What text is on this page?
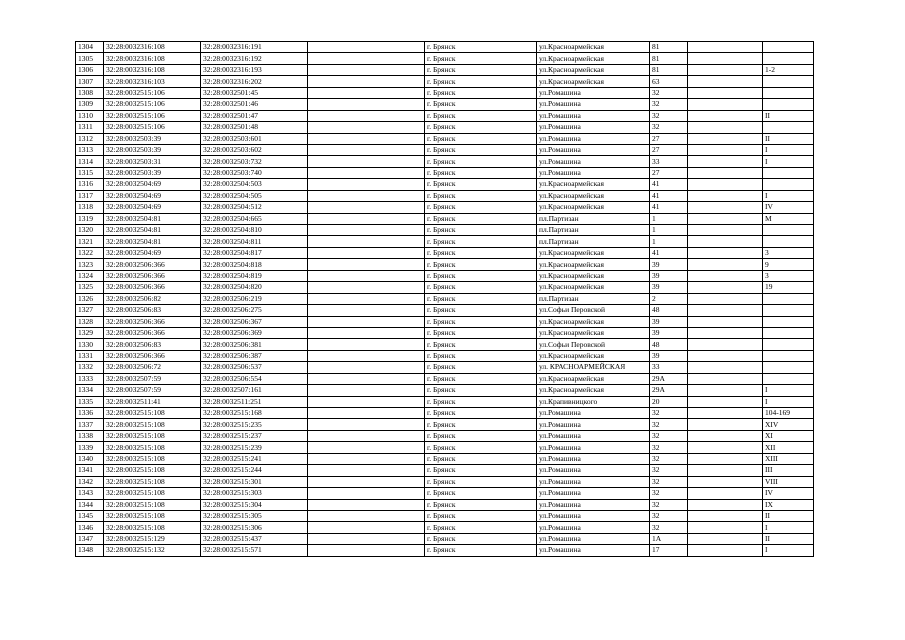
1304	32:28:0032316:108	32:28:0032316:191		г. Брянск	ул.Красноармейская	81		
1305	32:28:0032316:108	32:28:0032316:192		г. Брянск	ул.Красноармейская	81		
1306	32:28:0032316:108	32:28:0032316:193		г. Брянск	ул.Красноармейская	81		1-2
1307	32:28:0032316:103	32:28:0032316:202		г. Брянск	ул.Красноармейская	63		
1308	32:28:0032515:106	32:28:0032501:45		г. Брянск	ул.Ромашина	32		
1309	32:28:0032515:106	32:28:0032501:46		г. Брянск	ул.Ромашина	32		
1310	32:28:0032515:106	32:28:0032501:47		г. Брянск	ул.Ромашина	32		II
1311	32:28:0032515:106	32:28:0032501:48		г. Брянск	ул.Ромашина	32		
1312	32:28:0032503:39	32:28:0032503:601		г. Брянск	ул.Ромашина	27		II
1313	32:28:0032503:39	32:28:0032503:602		г. Брянск	ул.Ромашина	27		I
1314	32:28:0032503:31	32:28:0032503:732		г. Брянск	ул.Ромашина	33		I
1315	32:28:0032503:39	32:28:0032503:740		г. Брянск	ул.Ромашина	27		
1316	32:28:0032504:69	32:28:0032504:503		г. Брянск	ул.Красноармейская	41		
1317	32:28:0032504:69	32:28:0032504:505		г. Брянск	ул.Красноармейская	41		I
1318	32:28:0032504:69	32:28:0032504:512		г. Брянск	ул.Красноармейская	41		IV
1319	32:28:0032504:81	32:28:0032504:665		г. Брянск	пл.Партизан	1		М
1320	32:28:0032504:81	32:28:0032504:810		г. Брянск	пл.Партизан	1		
1321	32:28:0032504:81	32:28:0032504:811		г. Брянск	пл.Партизан	1		
1322	32:28:0032504:69	32:28:0032504:817		г. Брянск	ул.Красноармейская	41		3
1323	32:28:0032506:366	32:28:0032504:818		г. Брянск	ул.Красноармейская	39		9
1324	32:28:0032506:366	32:28:0032504:819		г. Брянск	ул.Красноармейская	39		3
1325	32:28:0032506:366	32:28:0032504:820		г. Брянск	ул.Красноармейская	39		19
1326	32:28:0032506:82	32:28:0032506:219		г. Брянск	пл.Партизан	2		
1327	32:28:0032506:83	32:28:0032506:275		г. Брянск	ул.Софьи Перовской	48		
1328	32:28:0032506:366	32:28:0032506:367		г. Брянск	ул.Красноармейская	39		
1329	32:28:0032506:366	32:28:0032506:369		г. Брянск	ул.Красноармейская	39		
1330	32:28:0032506:83	32:28:0032506:381		г. Брянск	ул.Софьи Перовской	48		
1331	32:28:0032506:366	32:28:0032506:387		г. Брянск	ул.Красноармейская	39		
1332	32:28:0032506:72	32:28:0032506:537		г. Брянск	ул. КРАСНОАРМЕЙСКАЯ	33		
1333	32:28:0032507:59	32:28:0032506:554		г. Брянск	ул.Красноармейская	29А		
1334	32:28:0032507:59	32:28:0032507:161		г. Брянск	ул.Красноармейская	29А		I
1335	32:28:0032511:41	32:28:0032511:251		г. Брянск	ул.Крапивницкого	20		I
1336	32:28:0032515:108	32:28:0032515:168		г. Брянск	ул.Ромашина	32		104-169
1337	32:28:0032515:108	32:28:0032515:235		г. Брянск	ул.Ромашина	32		XIV
1338	32:28:0032515:108	32:28:0032515:237		г. Брянск	ул.Ромашина	32		XI
1339	32:28:0032515:108	32:28:0032515:239		г. Брянск	ул.Ромашина	32		XII
1340	32:28:0032515:108	32:28:0032515:241		г. Брянск	ул.Ромашина	32		XIII
1341	32:28:0032515:108	32:28:0032515:244		г. Брянск	ул.Ромашина	32		III
1342	32:28:0032515:108	32:28:0032515:301		г. Брянск	ул.Ромашина	32		VIII
1343	32:28:0032515:108	32:28:0032515:303		г. Брянск	ул.Ромашина	32		IV
1344	32:28:0032515:108	32:28:0032515:304		г. Брянск	ул.Ромашина	32		IX
1345	32:28:0032515:108	32:28:0032515:305		г. Брянск	ул.Ромашина	32		II
1346	32:28:0032515:108	32:28:0032515:306		г. Брянск	ул.Ромашина	32		I
1347	32:28:0032515:129	32:28:0032515:437		г. Брянск	ул.Ромашина	1А		II
1348	32:28:0032515:132	32:28:0032515:571		г. Брянск	ул.Ромашина	17		I
